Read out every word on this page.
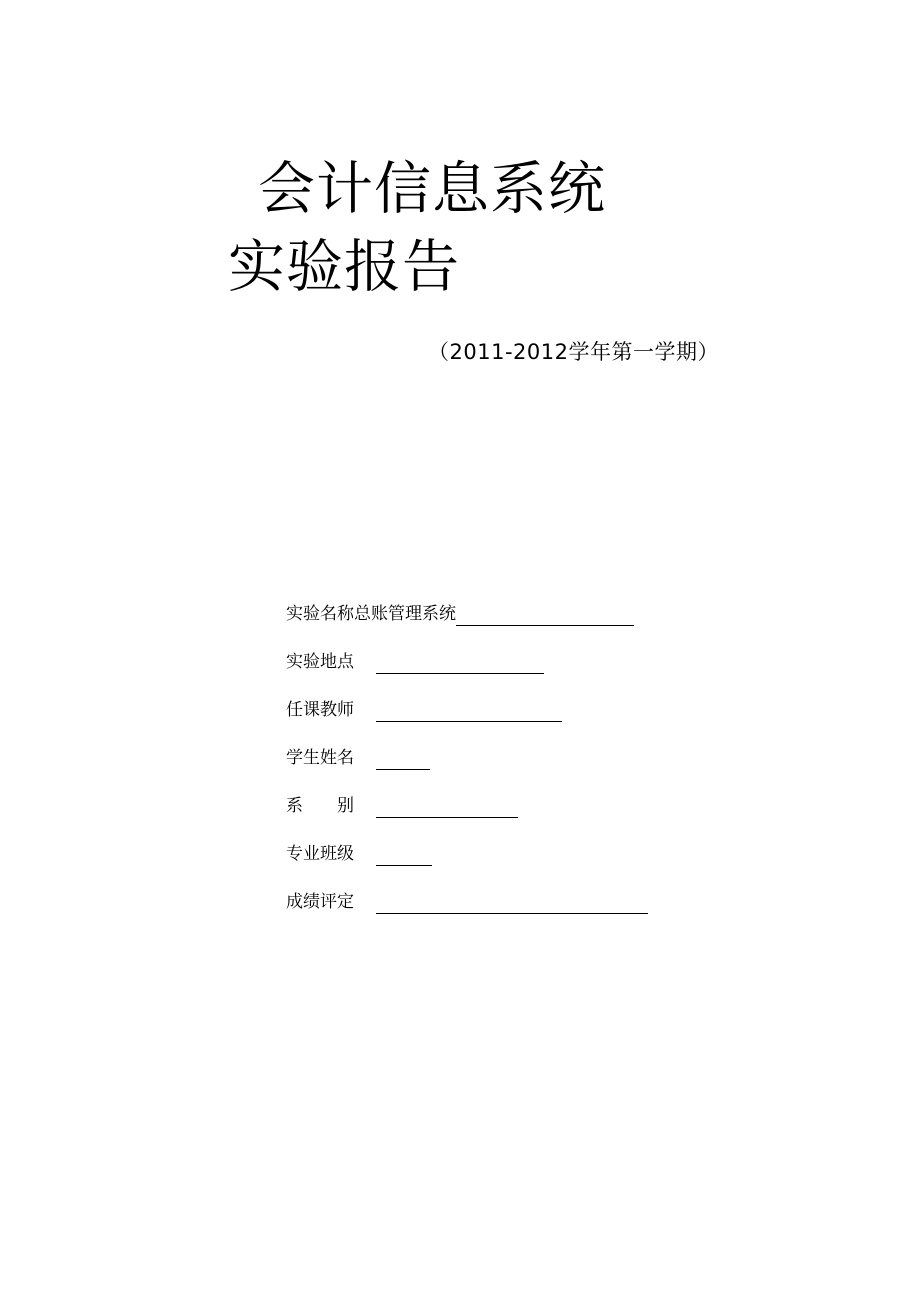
会计信息系统
实验报告
（2011-2012学年第一学期）
实验名称 总账管理系统
实验地点
任课教师
学生姓名
系　　别
专业班级
成绩评定
